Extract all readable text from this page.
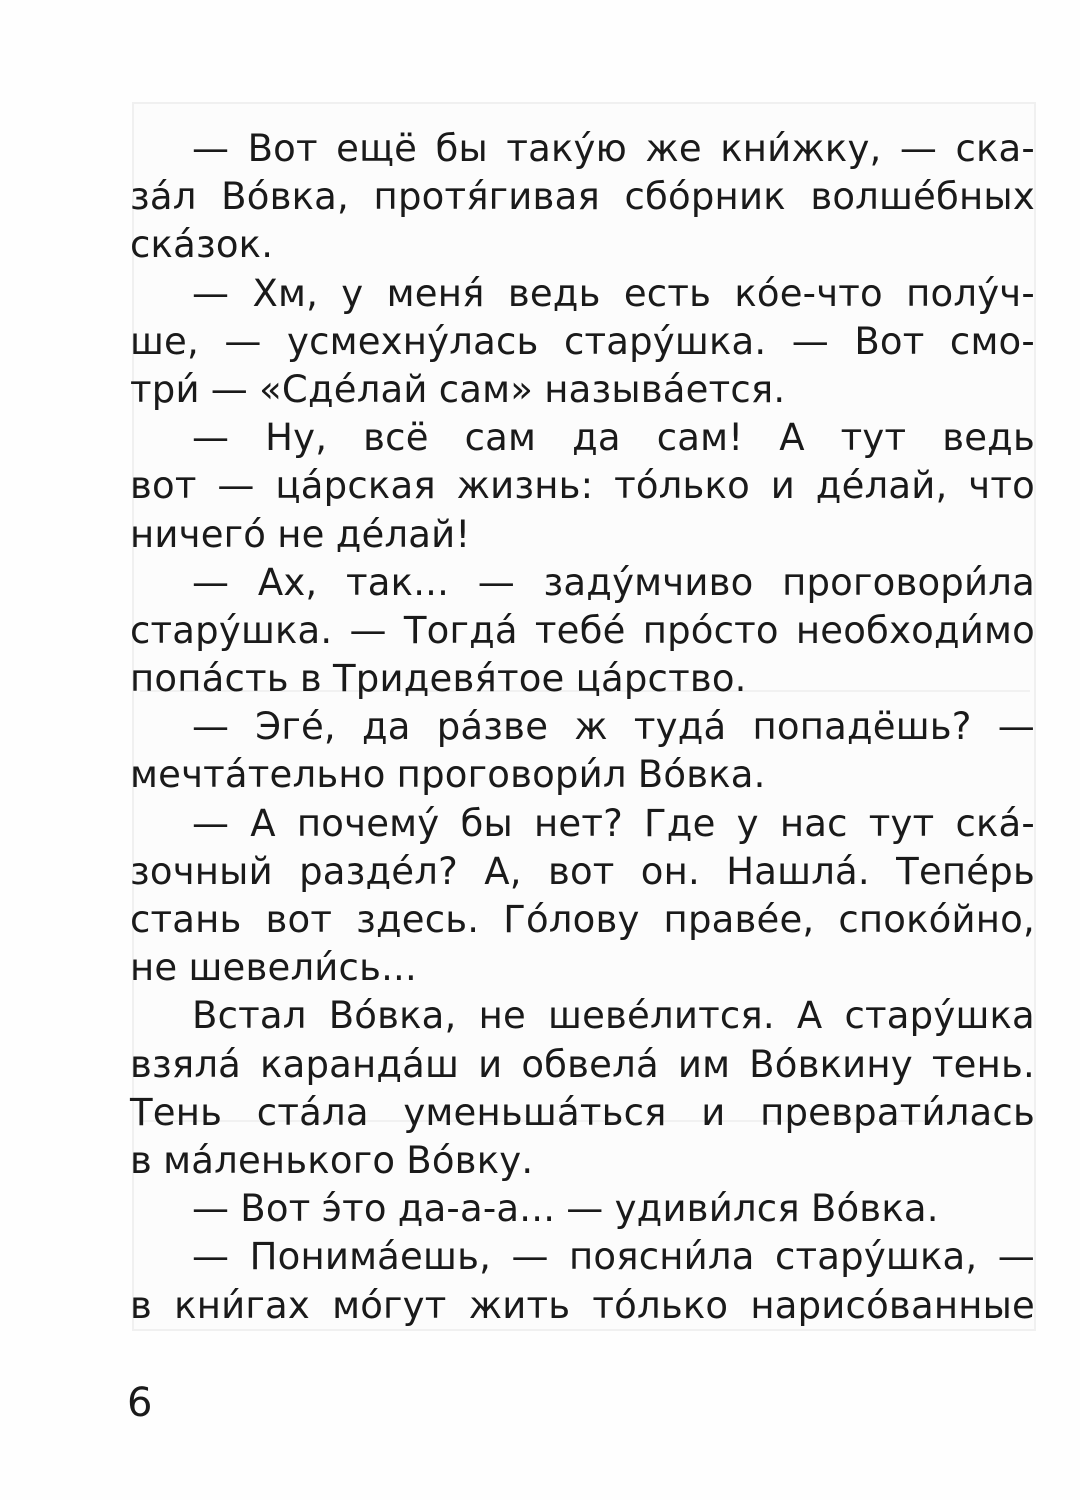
— Вот ещё бы таку́ю же кни́жку, — ска-
за́л Во́вка, протя́гивая сбо́рник волше́бных
ска́зок.
— Хм, у меня́ ведь есть ко́е-что полу́ч-
ше, — усмехну́лась стару́шка. — Вот смо-
три́ — «Сде́лай сам» называ́ется.
— Ну, всё сам да сам! А тут ведь
вот — ца́рская жизнь: то́лько и де́лай, что
ничего́ не де́лай!
— Ах, так... — заду́мчиво проговори́ла
стару́шка. — Тогда́ тебе́ про́сто необходи́мо
попа́сть в Тридевя́тое ца́рство.
— Эге́, да ра́зве ж туда́ попадёшь? —
мечта́тельно проговори́л Во́вка.
— А почему́ бы нет? Где у нас тут ска́-
зочный разде́л? А, вот он. Нашла́. Тепе́рь
стань вот здесь. Го́лову праве́е, споко́йно,
не шевели́сь...
Встал Во́вка, не шеве́лится. А стару́шка
взяла́ каранда́ш и обвела́ им Во́вкину тень.
Тень ста́ла уменьша́ться и преврати́лась
в ма́ленького Во́вку.
— Вот э́то да-а-а... — удиви́лся Во́вка.
— Понима́ешь, — поясни́ла стару́шка, —
в кни́гах мо́гут жить то́лько нарисо́ванные
6
